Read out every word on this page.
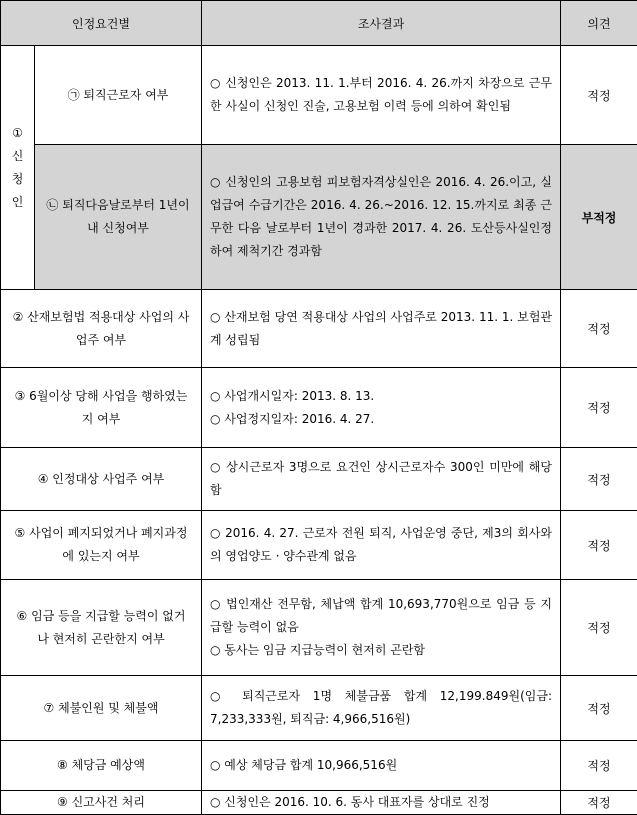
인정요건별		조사결과	의견

①
신
청
인	㉠ 퇴직근로자 여부	○ 신청인은 2013. 11. 1.부터 2016. 4. 26.까지 차장으로 근무한 사실이 신청인 진술, 고용보험 이력 등에 의하여 확인됨	적정
	㉡ 퇴직다음날로부터 1년이내 신청여부	○ 신청인의 고용보험 피보험자격상실인은 2016. 4. 26.이고, 실업급여 수급기간은 2016. 4. 26.~2016. 12. 15.까지로 최종 근무한 다음 날로부터 1년이 경과한 2017. 4. 26. 도산등사실인정하여 제척기간 경과함	부적정
② 산재보험법 적용대상 사업의 사업주 여부		○ 산재보험 당연 적용대상 사업의 사업주로 2013. 11. 1. 보험관계 성립됨	적정
③ 6월이상 당해 사업을 행하였는지 여부		○ 사업개시일자: 2013. 8. 13.
○ 사업정지일자: 2016. 4. 27.	적정
④ 인정대상 사업주 여부		○ 상시근로자 3명으로 요건인 상시근로자수 300인 미만에 해당함	적정
⑤ 사업이 폐지되었거나 폐지과정에 있는지 여부		○ 2016. 4. 27. 근로자 전원 퇴직, 사업운영 중단, 제3의 회사와의 영업양도 · 양수관계 없음	적정
⑥ 임금 등을 지급할 능력이 없거나 현저히 곤란한지 여부		○ 법인재산 전무함, 체납액 합계 10,693,770원으로 임금 등 지급할 능력이 없음
○ 동사는 임금 지급능력이 현저히 곤란함	적정
⑦ 체불인원 및 체불액		○ 퇴직근로자 1명 체불금품 합계 12,199.849원(임금: 7,233,333원, 퇴직금: 4,966,516원)	적정
⑧ 체당금 예상액		○ 예상 체당금 합계 10,966,516원	적정
⑨ 신고사건 처리		○ 신청인은 2016. 10. 6. 동사 대표자를 상대로 진정	적정
